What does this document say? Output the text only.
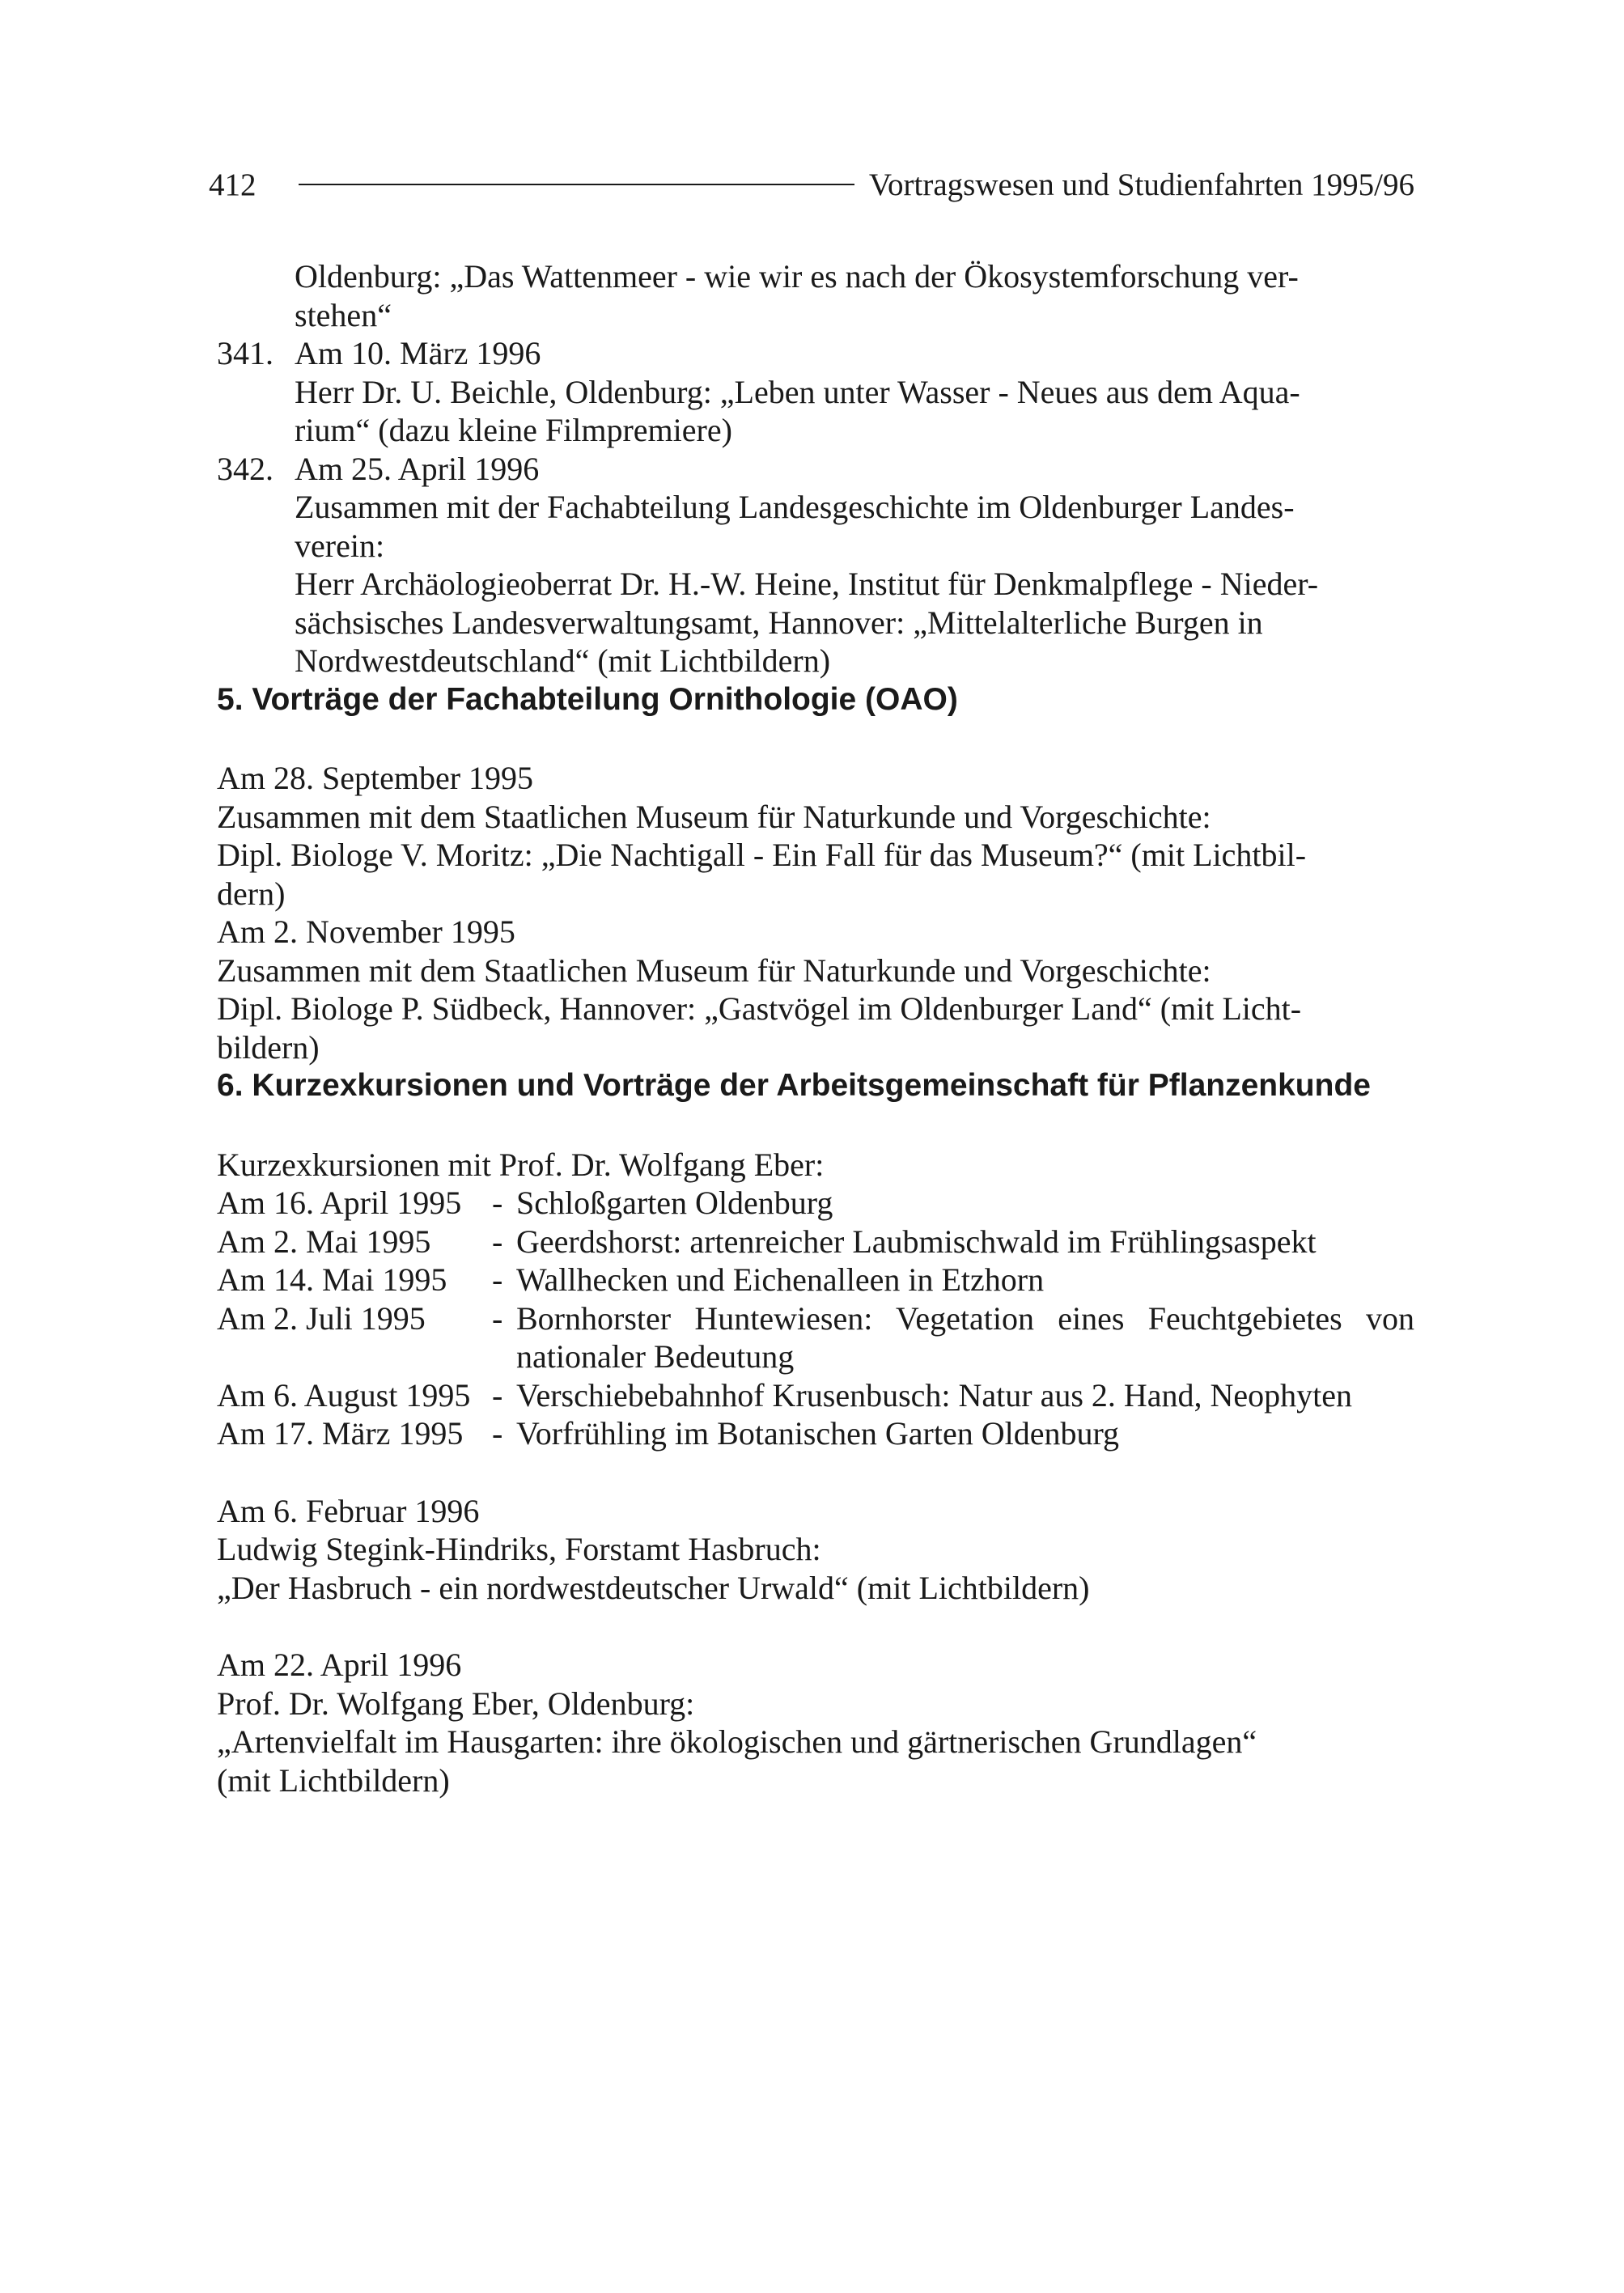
412	Vortragswesen und Studienfahrten 1995/96

Oldenburg: „Das Wattenmeer - wie wir es nach der Ökosystemforschung ver-

stehen“

341. Am 10. März 1996

Herr Dr. U. Beichle, Oldenburg: „Leben unter Wasser - Neues aus dem Aqua-

rium“ (dazu kleine Filmpremiere)

342. Am 25. April 1996

Zusammen mit der Fachabteilung Landesgeschichte im Oldenburger Landes-

verein:

Herr Archäologieoberrat Dr. H.-W. Heine, Institut für Denkmalpflege - Nieder-

sächsisches Landesverwaltungsamt, Hannover: „Mittelalterliche Burgen in

Nordwestdeutschland“ (mit Lichtbildern)

5. Vorträge der Fachabteilung Ornithologie (OAO)

Am 28. September 1995

Zusammen mit dem Staatlichen Museum für Naturkunde und Vorgeschichte:

Dipl. Biologe V. Moritz: „Die Nachtigall - Ein Fall für das Museum?“ (mit Lichtbil-

dern)

Am 2. November 1995

Zusammen mit dem Staatlichen Museum für Naturkunde und Vorgeschichte:

Dipl. Biologe P. Südbeck, Hannover: „Gastvögel im Oldenburger Land“ (mit Licht-

bildern)

6. Kurzexkursionen und Vorträge der Arbeitsgemeinschaft für Pflanzenkunde

Kurzexkursionen mit Prof. Dr. Wolfgang Eber:

Am 16. April 1995 - Schloßgarten Oldenburg
Am 2. Mai 1995	- Geerdshorst: artenreicher Laubmischwald im Frühlingsaspekt
Am 14. Mai 1995	- Wallhecken und Eichenalleen in Etzhorn
Am 2. Juli 1995	- Bornhorster Huntewiesen: Vegetation eines Feuchtgebietes von nationaler Bedeutung
Am 6. August 1995 - Verschiebebahnhof Krusenbusch: Natur aus 2. Hand, Neophyten
Am 17. März 1995 - Vorfrühling im Botanischen Garten Oldenburg

Am 6. Februar 1996

Ludwig Stegink-Hindriks, Forstamt Hasbruch:

„Der Hasbruch - ein nordwestdeutscher Urwald“ (mit Lichtbildern)

Am 22. April 1996

Prof. Dr. Wolfgang Eber, Oldenburg:

„Artenvielfalt im Hausgarten: ihre ökologischen und gärtnerischen Grundlagen“

(mit Lichtbildern)
